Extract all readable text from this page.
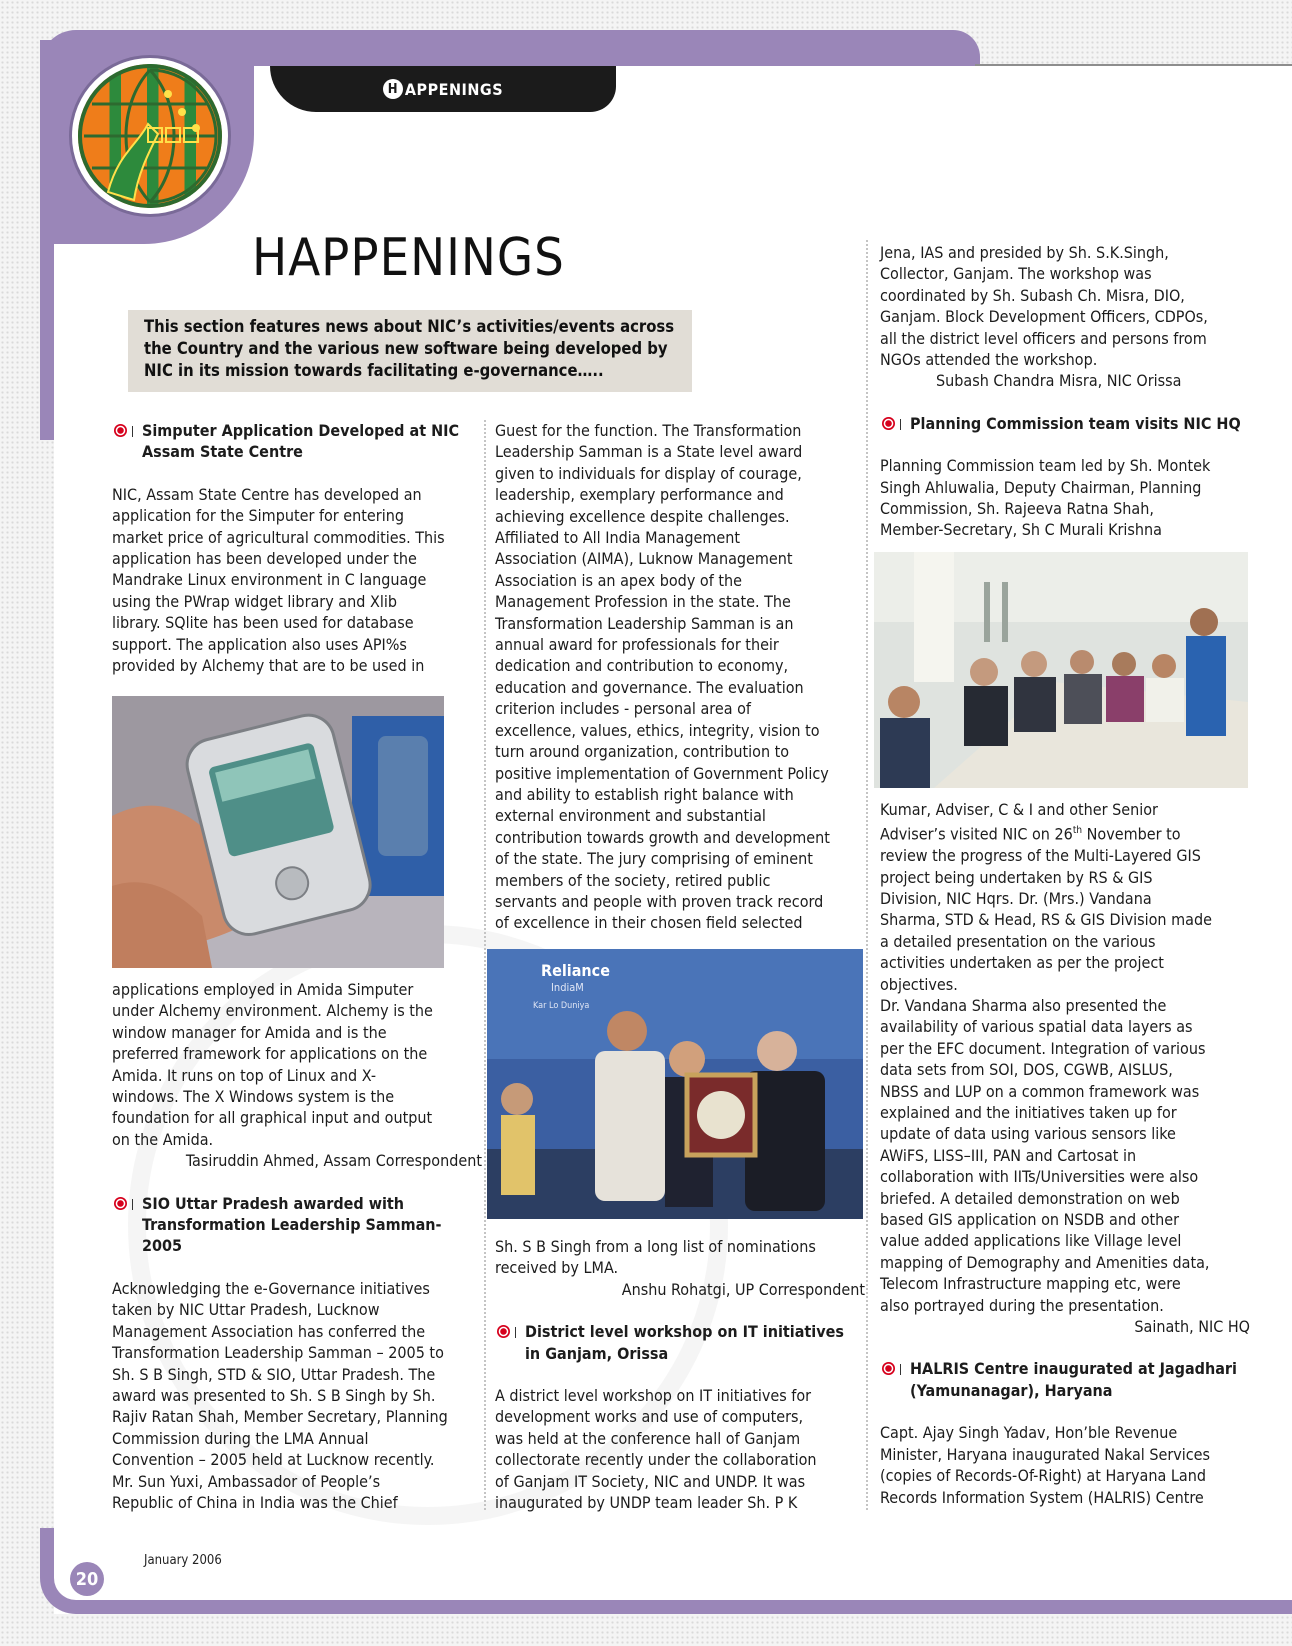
H APPENINGS
HAPPENINGS
This section features news about NIC’s activities/events across the Country and the various new software being developed by NIC in its mission towards facilitating e-governance…..

Simputer Application Developed at NIC

Assam State Centre

NIC, Assam State Centre has developed an

application for the Simputer for entering

market price of agricultural commodities. This

application has been developed under the

Mandrake Linux environment in C language

using the PWrap widget library and Xlib

library. SQlite has been used for database

support. The application also uses API%s

provided by Alchemy that are to be used in

applications employed in Amida Simputer

under Alchemy environment. Alchemy is the

window manager for Amida and is the

preferred framework for applications on the

Amida. It runs on top of Linux and X-

windows. The X Windows system is the

foundation for all graphical input and output

on the Amida.

Tasiruddin Ahmed, Assam Correspondent

SIO Uttar Pradesh awarded with

Transformation Leadership Samman-

2005

Acknowledging the e-Governance initiatives

taken by NIC Uttar Pradesh, Lucknow

Management Association has conferred the

Transformation Leadership Samman – 2005 to

Sh. S B Singh, STD & SIO, Uttar Pradesh. The

award was presented to Sh. S B Singh by Sh.

Rajiv Ratan Shah, Member Secretary, Planning

Commission during the LMA Annual

Convention – 2005 held at Lucknow recently.

Mr. Sun Yuxi, Ambassador of People’s

Republic of China in India was the Chief

Guest for the function. The Transformation

Leadership Samman is a State level award

given to individuals for display of courage,

leadership, exemplary performance and

achieving excellence despite challenges.

Affiliated to All India Management

Association (AIMA), Luknow Management

Association is an apex body of the

Management Profession in the state. The

Transformation Leadership Samman is an

annual award for professionals for their

dedication and contribution to economy,

education and governance. The evaluation

criterion includes - personal area of

excellence, values, ethics, integrity, vision to

turn around organization, contribution to

positive implementation of Government Policy

and ability to establish right balance with

external environment and substantial

contribution towards growth and development

of the state. The jury comprising of eminent

members of the society, retired public

servants and people with proven track record

of excellence in their chosen field selected

Reliance
IndiaM
Kar Lo Duniya

Sh. S B Singh from a long list of nominations

received by LMA.

Anshu Rohatgi, UP Correspondent

District level workshop on IT initiatives

in Ganjam, Orissa

A district level workshop on IT initiatives for

development works and use of computers,

was held at the conference hall of Ganjam

collectorate recently under the collaboration

of Ganjam IT Society, NIC and UNDP. It was

inaugurated by UNDP team leader Sh. P K

Jena, IAS and presided by Sh. S.K.Singh,

Collector, Ganjam. The workshop was

coordinated by Sh. Subash Ch. Misra, DIO,

Ganjam. Block Development Officers, CDPOs,

all the district level officers and persons from

NGOs attended the workshop.

Subash Chandra Misra, NIC Orissa

Planning Commission team visits NIC HQ

Planning Commission team led by Sh. Montek

Singh Ahluwalia, Deputy Chairman, Planning

Commission, Sh. Rajeeva Ratna Shah,

Member-Secretary, Sh C Murali Krishna

Kumar, Adviser, C & I and other Senior

Adviser’s visited NIC on 26th November to

review the progress of the Multi-Layered GIS

project being undertaken by RS & GIS

Division, NIC Hqrs. Dr. (Mrs.) Vandana

Sharma, STD & Head, RS & GIS Division made

a detailed presentation on the various

activities undertaken as per the project

objectives.

Dr. Vandana Sharma also presented the

availability of various spatial data layers as

per the EFC document. Integration of various

data sets from SOI, DOS, CGWB, AISLUS,

NBSS and LUP on a common framework was

explained and the initiatives taken up for

update of data using various sensors like

AWiFS, LISS–III, PAN and Cartosat in

collaboration with IITs/Universities were also

briefed. A detailed demonstration on web

based GIS application on NSDB and other

value added applications like Village level

mapping of Demography and Amenities data,

Telecom Infrastructure mapping etc, were

also portrayed during the presentation.

Sainath, NIC HQ

HALRIS Centre inaugurated at Jagadhari

(Yamunanagar), Haryana

Capt. Ajay Singh Yadav, Hon’ble Revenue

Minister, Haryana inaugurated Nakal Services

(copies of Records-Of-Right) at Haryana Land

Records Information System (HALRIS) Centre

20
January 2006
